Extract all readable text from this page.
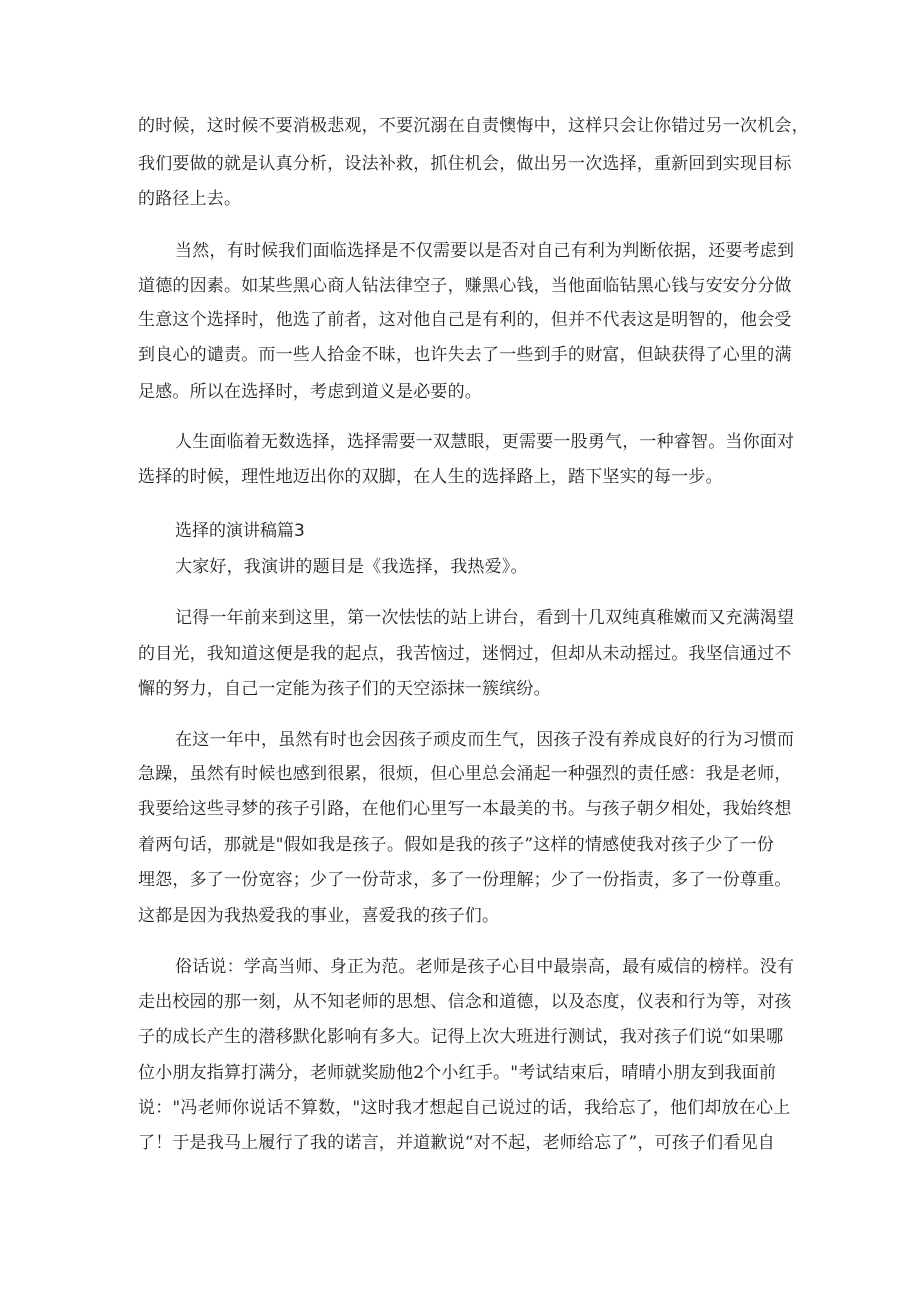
的时候，这时候不要消极悲观，不要沉溺在自责懊悔中，这样只会让你错过另一次机会，
我们要做的就是认真分析，设法补救，抓住机会，做出另一次选择，重新回到实现目标
的路径上去。
当然，有时候我们面临选择是不仅需要以是否对自己有利为判断依据，还要考虑到
道德的因素。如某些黑心商人钻法律空子，赚黑心钱，当他面临钻黑心钱与安安分分做
生意这个选择时，他选了前者，这对他自己是有利的，但并不代表这是明智的，他会受
到良心的谴责。而一些人拾金不昧，也许失去了一些到手的财富，但缺获得了心里的满
足感。所以在选择时，考虑到道义是必要的。
人生面临着无数选择，选择需要一双慧眼，更需要一股勇气，一种睿智。当你面对
选择的时候，理性地迈出你的双脚，在人生的选择路上，踏下坚实的每一步。
选择的演讲稿篇3
大家好，我演讲的题目是《我选择，我热爱》。
记得一年前来到这里，第一次怯怯的站上讲台，看到十几双纯真稚嫩而又充满渴望
的目光，我知道这便是我的起点，我苦恼过，迷惘过，但却从未动摇过。我坚信通过不
懈的努力，自己一定能为孩子们的天空添抹一簇缤纷。
在这一年中，虽然有时也会因孩子顽皮而生气，因孩子没有养成良好的行为习惯而
急躁，虽然有时候也感到很累，很烦，但心里总会涌起一种强烈的责任感：我是老师，
我要给这些寻梦的孩子引路，在他们心里写一本最美的书。与孩子朝夕相处，我始终想
着两句话，那就是"假如我是孩子。假如是我的孩子”这样的情感使我对孩子少了一份
埋怨，多了一份宽容；少了一份苛求，多了一份理解；少了一份指责，多了一份尊重。
这都是因为我热爱我的事业，喜爱我的孩子们。
俗话说：学高当师、身正为范。老师是孩子心目中最崇高，最有威信的榜样。没有
走出校园的那一刻，从不知老师的思想、信念和道德，以及态度，仪表和行为等，对孩
子的成长产生的潜移默化影响有多大。记得上次大班进行测试，我对孩子们说“如果哪
位小朋友指算打满分，老师就奖励他2个小红手。"考试结束后，晴晴小朋友到我面前
说："冯老师你说话不算数，"这时我才想起自己说过的话，我给忘了，他们却放在心上
了！于是我马上履行了我的诺言，并道歉说“对不起，老师给忘了”，可孩子们看见自
